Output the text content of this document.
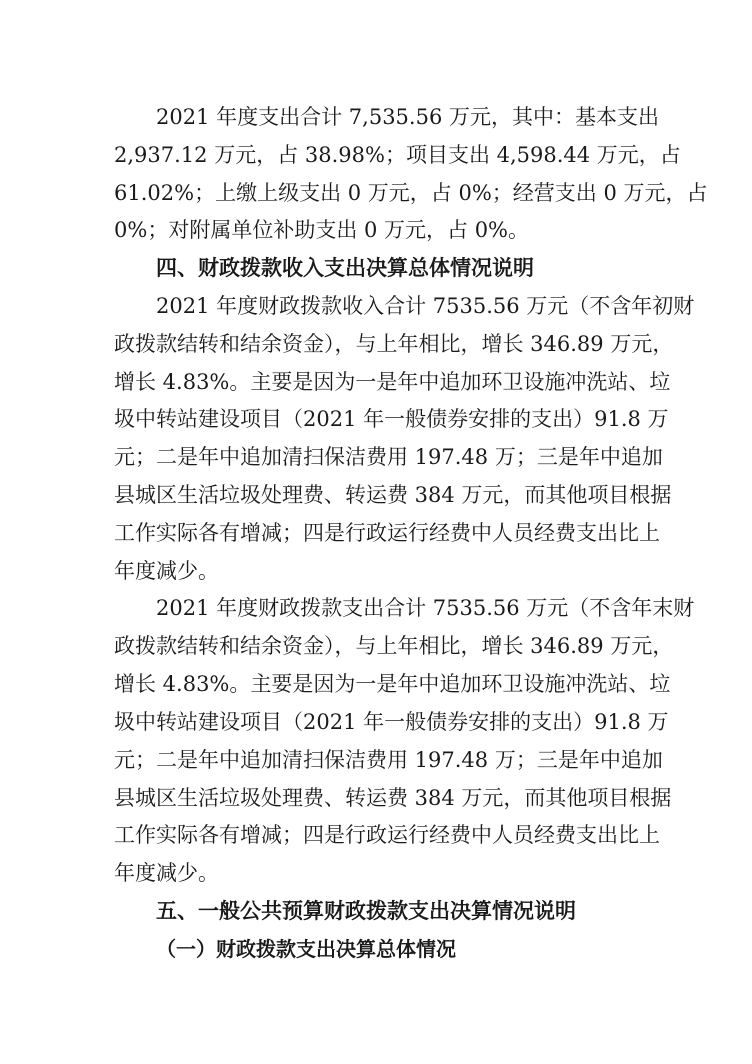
2021 年度支出合计 7,535.56 万元，其中：基本支出
2,937.12 万元，占 38.98%；项目支出 4,598.44 万元，占
61.02%；上缴上级支出 0 万元，占 0%；经营支出 0 万元，占
0%；对附属单位补助支出 0 万元，占 0%。
四、财政拨款收入支出决算总体情况说明
2021 年度财政拨款收入合计 7535.56 万元（不含年初财
政拨款结转和结余资金），与上年相比，增长 346.89 万元，
增长 4.83%。主要是因为一是年中追加环卫设施冲洗站、垃
圾中转站建设项目（2021 年一般债券安排的支出）91.8 万
元；二是年中追加清扫保洁费用 197.48 万；三是年中追加
县城区生活垃圾处理费、转运费 384 万元，而其他项目根据
工作实际各有增减；四是行政运行经费中人员经费支出比上
年度减少。
2021 年度财政拨款支出合计 7535.56 万元（不含年末财
政拨款结转和结余资金），与上年相比，增长 346.89 万元，
增长 4.83%。主要是因为一是年中追加环卫设施冲洗站、垃
圾中转站建设项目（2021 年一般债券安排的支出）91.8 万
元；二是年中追加清扫保洁费用 197.48 万；三是年中追加
县城区生活垃圾处理费、转运费 384 万元，而其他项目根据
工作实际各有增减；四是行政运行经费中人员经费支出比上
年度减少。
五、一般公共预算财政拨款支出决算情况说明
（一）财政拨款支出决算总体情况
